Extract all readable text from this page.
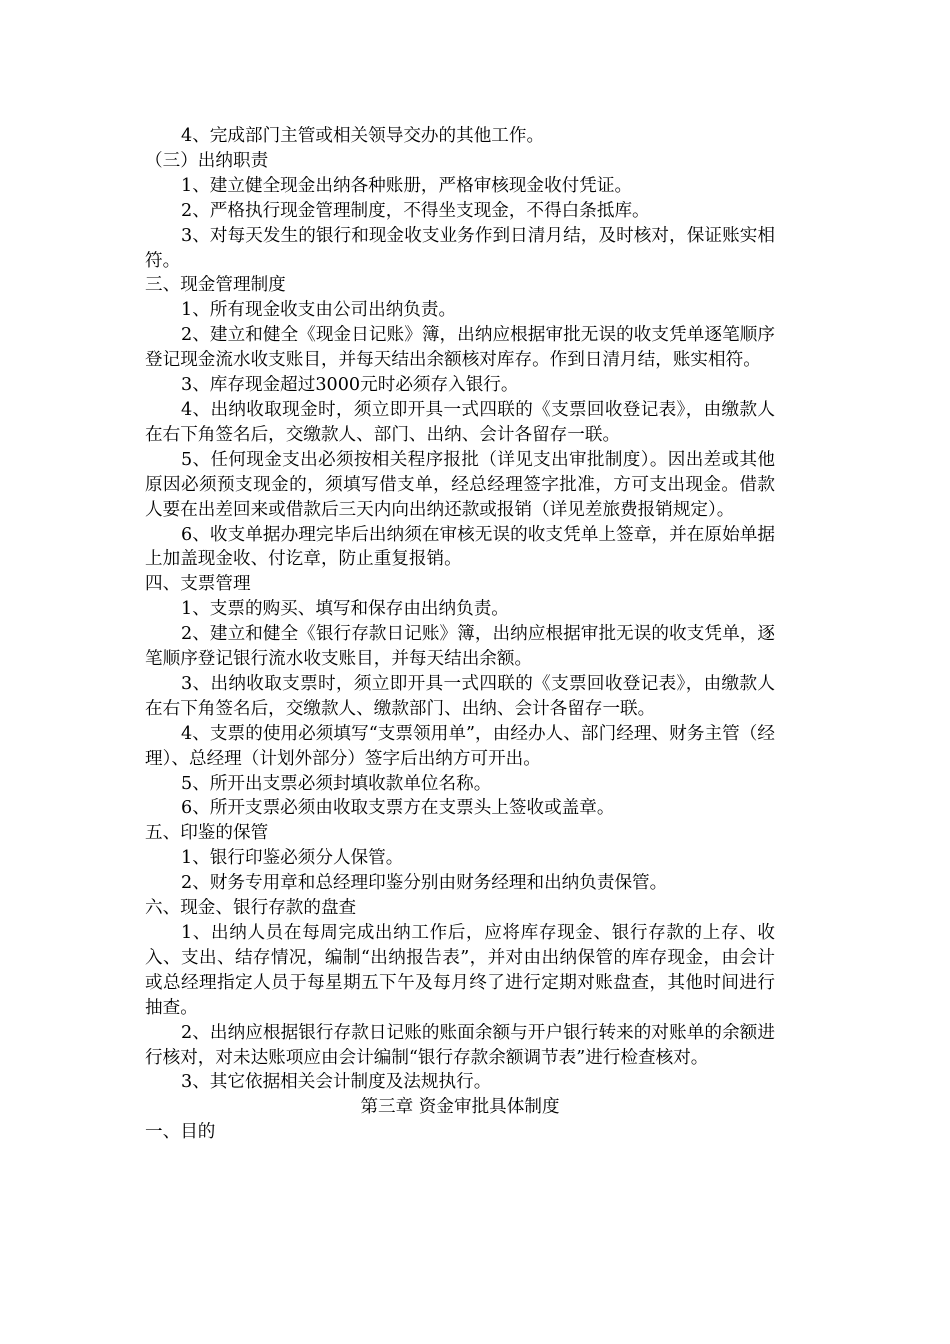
4、完成部门主管或相关领导交办的其他工作。

（三）出纳职责

1、建立健全现金出纳各种账册，严格审核现金收付凭证。

2、严格执行现金管理制度，不得坐支现金，不得白条抵库。

3、对每天发生的银行和现金收支业务作到日清月结，及时核对，保证账实相符。

三、现金管理制度

1、所有现金收支由公司出纳负责。

2、建立和健全《现金日记账》簿，出纳应根据审批无误的收支凭单逐笔顺序登记现金流水收支账目，并每天结出余额核对库存。作到日清月结，账实相符。

3、库存现金超过3000元时必须存入银行。

4、出纳收取现金时，须立即开具一式四联的《支票回收登记表》，由缴款人在右下角签名后，交缴款人、部门、出纳、会计各留存一联。

5、任何现金支出必须按相关程序报批（详见支出审批制度）。因出差或其他原因必须预支现金的，须填写借支单，经总经理签字批准，方可支出现金。借款人要在出差回来或借款后三天内向出纳还款或报销（详见差旅费报销规定）。

6、收支单据办理完毕后出纳须在审核无误的收支凭单上签章，并在原始单据上加盖现金收、付讫章，防止重复报销。

四、支票管理

1、支票的购买、填写和保存由出纳负责。

2、建立和健全《银行存款日记账》簿，出纳应根据审批无误的收支凭单，逐笔顺序登记银行流水收支账目，并每天结出余额。

3、出纳收取支票时，须立即开具一式四联的《支票回收登记表》，由缴款人在右下角签名后，交缴款人、缴款部门、出纳、会计各留存一联。

4、支票的使用必须填写“支票领用单”，由经办人、部门经理、财务主管（经理）、总经理（计划外部分）签字后出纳方可开出。

5、所开出支票必须封填收款单位名称。

6、所开支票必须由收取支票方在支票头上签收或盖章。

五、印鉴的保管

1、银行印鉴必须分人保管。

2、财务专用章和总经理印鉴分别由财务经理和出纳负责保管。

六、现金、银行存款的盘查

1、出纳人员在每周完成出纳工作后，应将库存现金、银行存款的上存、收入、支出、结存情况，编制“出纳报告表”，并对由出纳保管的库存现金，由会计或总经理指定人员于每星期五下午及每月终了进行定期对账盘查，其他时间进行抽查。

2、出纳应根据银行存款日记账的账面余额与开户银行转来的对账单的余额进行核对，对未达账项应由会计编制“银行存款余额调节表”进行检查核对。

3、其它依据相关会计制度及法规执行。

第三章 资金审批具体制度

一、目的
